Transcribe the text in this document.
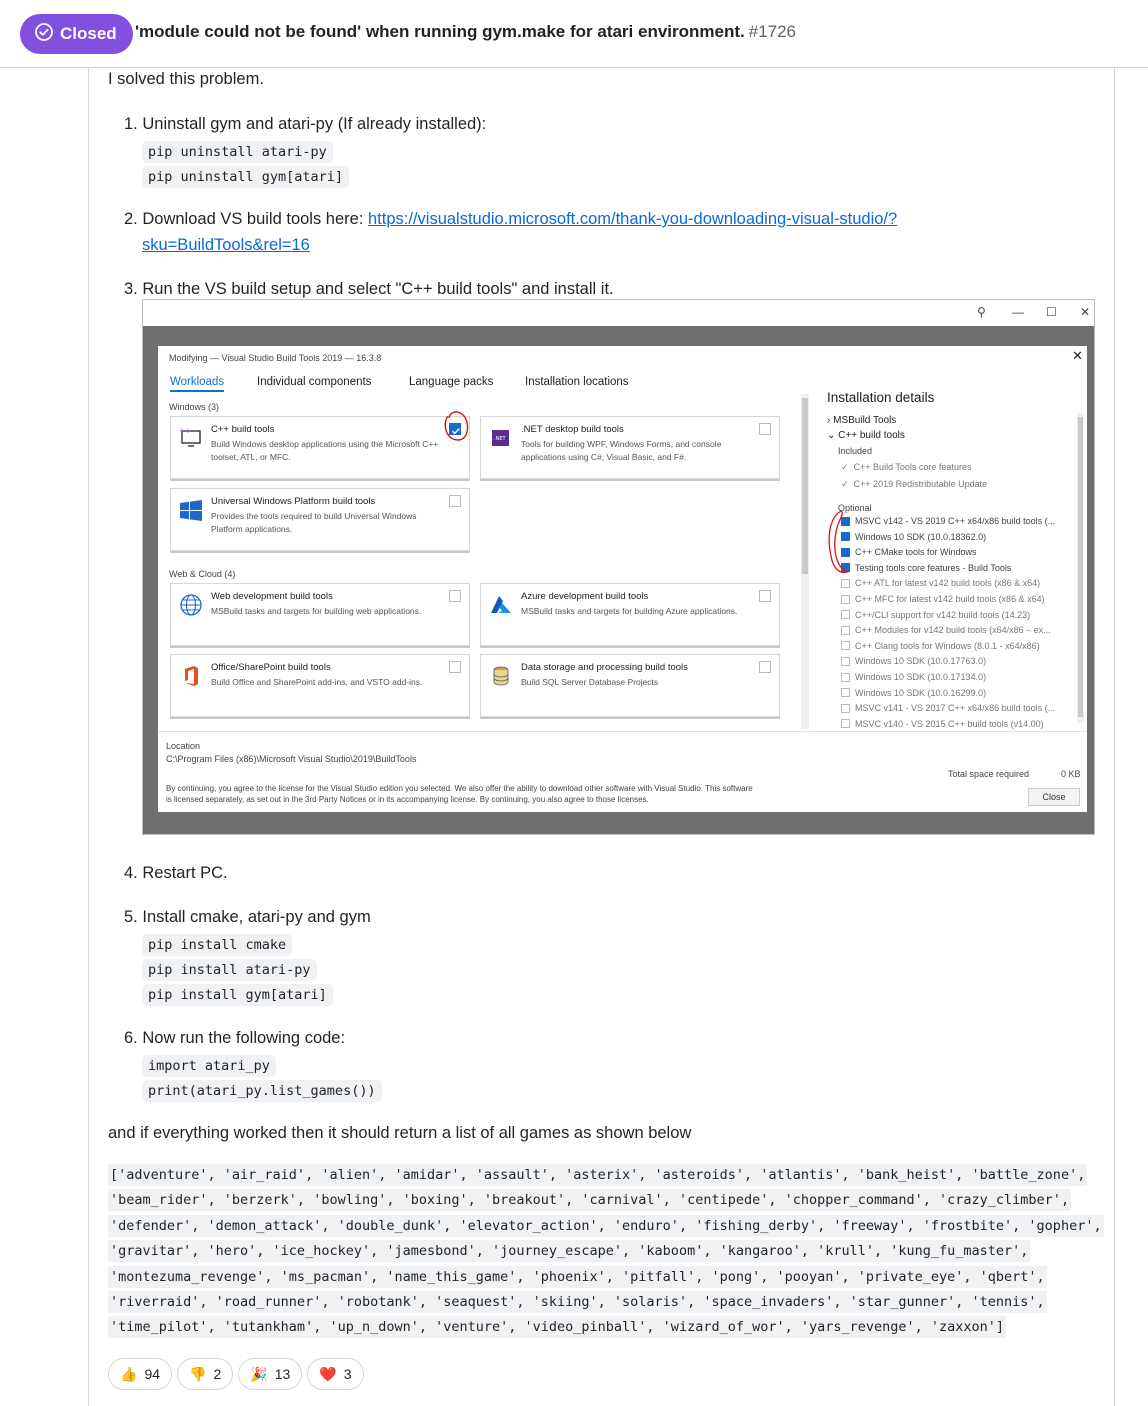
Closed 'module could not be found' when running gym.make for atari environment. #1726
I solved this problem.
1. Uninstall gym and atari-py (If already installed):
pip uninstall atari-py
pip uninstall gym[atari]
2. Download VS build tools here: https://visualstudio.microsoft.com/thank-you-downloading-visual-studio/?
sku=BuildTools&rel=16
3. Run the VS build setup and select "C++ build tools" and install it.
⚲ — ☐ ✕
Modifying — Visual Studio Build Tools 2019 — 16.3.8	✕
Workloads	Individual components	Language packs	Installation locations
Windows (3)
++ C++ build tools
Build Windows desktop applications using the Microsoft C++ toolset, ATL, or MFC.
.NET
.NET desktop build tools
Tools for building WPF, Windows Forms, and console applications using C#, Visual Basic, and F#.
Universal Windows Platform build tools
Provides the tools required to build Universal Windows Platform applications.
Web & Cloud (4)
Web development build tools
MSBuild tasks and targets for building web applications.
Azure development build tools
MSBuild tasks and targets for building Azure applications.
Office/SharePoint build tools
Build Office and SharePoint add-ins, and VSTO add-ins.
Data storage and processing build tools
Build SQL Server Database Projects
Installation details
› MSBuild Tools
⌄ C++ build tools
Included
✓  C++ Build Tools core features
✓  C++ 2019 Redistributable Update
Optional
MSVC v142 - VS 2019 C++ x64/x86 build tools (...
Windows 10 SDK (10.0.18362.0)
C++ CMake tools for Windows
Testing tools core features - Build Tools
C++ ATL for latest v142 build tools (x86 & x64)
C++ MFC for latest v142 build tools (x86 & x64)
C++/CLI support for v142 build tools (14.23)
C++ Modules for v142 build tools (x64/x86 – ex...
C++ Clang tools for Windows (8.0.1 - x64/x86)
Windows 10 SDK (10.0.17763.0)
Windows 10 SDK (10.0.17134.0)
Windows 10 SDK (10.0.16299.0)
MSVC v141 - VS 2017 C++ x64/x86 build tools (...
MSVC v140 - VS 2015 C++ build tools (v14.00)
Location
C:\Program Files (x86)\Microsoft Visual Studio\2019\BuildTools
By continuing, you agree to the license for the Visual Studio edition you selected. We also offer the ability to download other software with Visual Studio. This software
is licensed separately, as set out in the 3rd Party Notices or in its accompanying license. By continuing, you also agree to those licenses.
Total space required	0 KB
Close
4. Restart PC.
5. Install cmake, atari-py and gym
pip install cmake
pip install atari-py
pip install gym[atari]
6. Now run the following code:
import atari_py
print(atari_py.list_games())
and if everything worked then it should return a list of all games as shown below
['adventure', 'air_raid', 'alien', 'amidar', 'assault', 'asterix', 'asteroids', 'atlantis', 'bank_heist', 'battle_zone',
'beam_rider', 'berzerk', 'bowling', 'boxing', 'breakout', 'carnival', 'centipede', 'chopper_command', 'crazy_climber',
'defender', 'demon_attack', 'double_dunk', 'elevator_action', 'enduro', 'fishing_derby', 'freeway', 'frostbite', 'gopher',
'gravitar', 'hero', 'ice_hockey', 'jamesbond', 'journey_escape', 'kaboom', 'kangaroo', 'krull', 'kung_fu_master',
'montezuma_revenge', 'ms_pacman', 'name_this_game', 'phoenix', 'pitfall', 'pong', 'pooyan', 'private_eye', 'qbert',
'riverraid', 'road_runner', 'robotank', 'seaquest', 'skiing', 'solaris', 'space_invaders', 'star_gunner', 'tennis',
'time_pilot', 'tutankham', 'up_n_down', 'venture', 'video_pinball', 'wizard_of_wor', 'yars_revenge', 'zaxxon']
👍 94 👎 2 🎉 13 ❤️ 3
